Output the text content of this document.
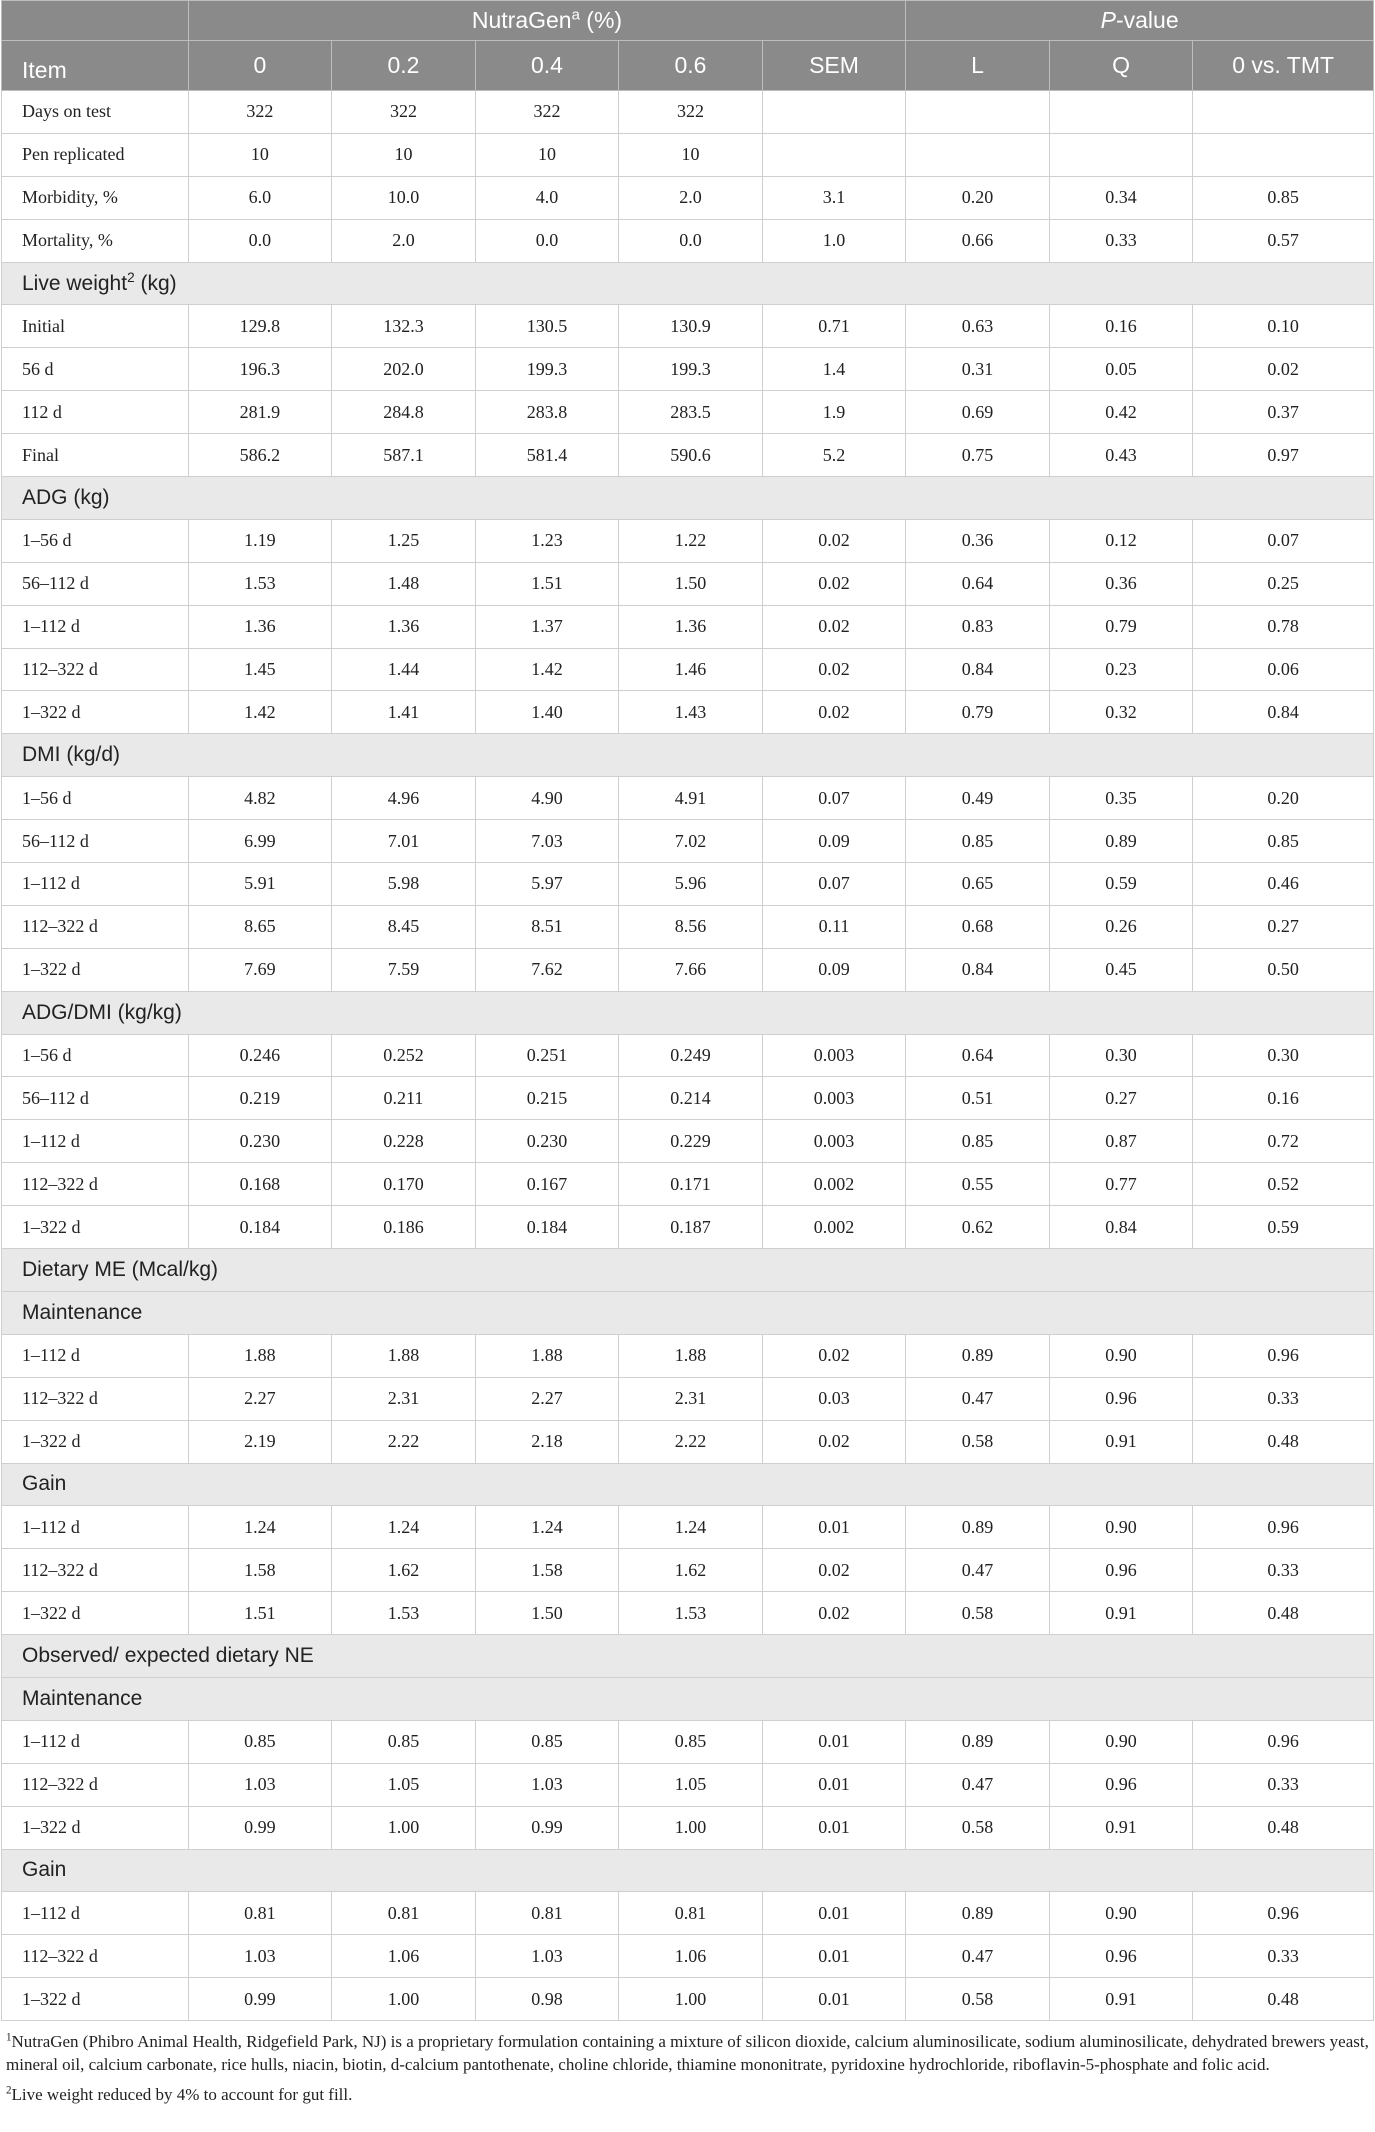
	NutraGen$^a$ (%)					P-value		
Item	0	0.2	0.4	0.6	SEM	L	Q	0 vs. TMT
Days on test	322	322	322	322				
Pen replicated	10	10	10	10				
Morbidity, %	6.0	10.0	4.0	2.0	3.1	0.20	0.34	0.85
Mortality, %	0.0	2.0	0.0	0.0	1.0	0.66	0.33	0.57
Live weight$^2$ (kg)								
Initial	129.8	132.3	130.5	130.9	0.71	0.63	0.16	0.10
56 d	196.3	202.0	199.3	199.3	1.4	0.31	0.05	0.02
112 d	281.9	284.8	283.8	283.5	1.9	0.69	0.42	0.37
Final	586.2	587.1	581.4	590.6	5.2	0.75	0.43	0.97
ADG (kg)								
1–56 d	1.19	1.25	1.23	1.22	0.02	0.36	0.12	0.07
56–112 d	1.53	1.48	1.51	1.50	0.02	0.64	0.36	0.25
1–112 d	1.36	1.36	1.37	1.36	0.02	0.83	0.79	0.78
112–322 d	1.45	1.44	1.42	1.46	0.02	0.84	0.23	0.06
1–322 d	1.42	1.41	1.40	1.43	0.02	0.79	0.32	0.84
DMI (kg/d)								
1–56 d	4.82	4.96	4.90	4.91	0.07	0.49	0.35	0.20
56–112 d	6.99	7.01	7.03	7.02	0.09	0.85	0.89	0.85
1–112 d	5.91	5.98	5.97	5.96	0.07	0.65	0.59	0.46
112–322 d	8.65	8.45	8.51	8.56	0.11	0.68	0.26	0.27
1–322 d	7.69	7.59	7.62	7.66	0.09	0.84	0.45	0.50
ADG/DMI (kg/kg)								
1–56 d	0.246	0.252	0.251	0.249	0.003	0.64	0.30	0.30
56–112 d	0.219	0.211	0.215	0.214	0.003	0.51	0.27	0.16
1–112 d	0.230	0.228	0.230	0.229	0.003	0.85	0.87	0.72
112–322 d	0.168	0.170	0.167	0.171	0.002	0.55	0.77	0.52
1–322 d	0.184	0.186	0.184	0.187	0.002	0.62	0.84	0.59
Dietary ME (Mcal/kg)								
Maintenance								
1–112 d	1.88	1.88	1.88	1.88	0.02	0.89	0.90	0.96
112–322 d	2.27	2.31	2.27	2.31	0.03	0.47	0.96	0.33
1–322 d	2.19	2.22	2.18	2.22	0.02	0.58	0.91	0.48
Gain								
1–112 d	1.24	1.24	1.24	1.24	0.01	0.89	0.90	0.96
112–322 d	1.58	1.62	1.58	1.62	0.02	0.47	0.96	0.33
1–322 d	1.51	1.53	1.50	1.53	0.02	0.58	0.91	0.48
Observed/ expected dietary NE								
Maintenance								
1–112 d	0.85	0.85	0.85	0.85	0.01	0.89	0.90	0.96
112–322 d	1.03	1.05	1.03	1.05	0.01	0.47	0.96	0.33
1–322 d	0.99	1.00	0.99	1.00	0.01	0.58	0.91	0.48
Gain								
1–112 d	0.81	0.81	0.81	0.81	0.01	0.89	0.90	0.96
112–322 d	1.03	1.06	1.03	1.06	0.01	0.47	0.96	0.33
1–322 d	0.99	1.00	0.98	1.00	0.01	0.58	0.91	0.48

$^1$NutraGen (Phibro Animal Health, Ridgefield Park, NJ) is a proprietary formulation containing a mixture of silicon dioxide, calcium aluminosilicate, sodium aluminosilicate, dehydrated brewers yeast, mineral oil, calcium carbonate, rice hulls, niacin, biotin, d-calcium pantothenate, choline chloride, thiamine mononitrate, pyridoxine hydrochloride, riboflavin-5-phosphate and folic acid.

$^2$Live weight reduced by 4% to account for gut fill.
